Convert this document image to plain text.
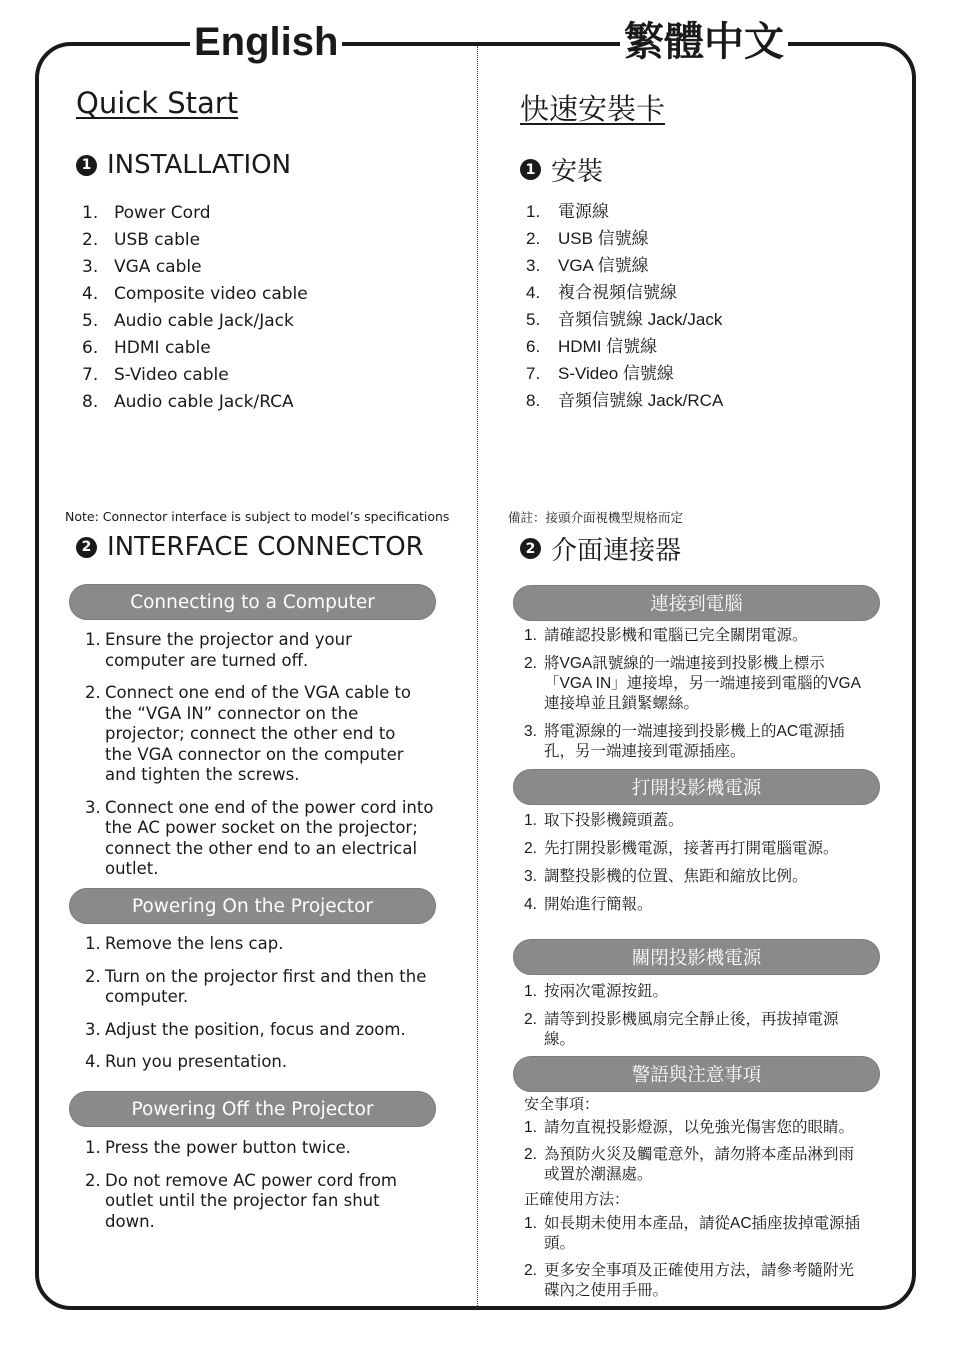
English	繁體中文
Quick Start
1 INSTALLATION
1. Power Cord
2. USB cable
3. VGA cable
4. Composite video cable
5. Audio cable Jack/Jack
6. HDMI cable
7. S-Video cable
8. Audio cable Jack/RCA
Note: Connector interface is subject to model’s specifications
2 INTERFACE CONNECTOR
Connecting to a Computer
1. Ensure the projector and your computer are turned off.
2. Connect one end of the VGA cable to the “VGA IN” connector on the projector; connect the other end to the VGA connector on the computer and tighten the screws.
3. Connect one end of the power cord into the AC power socket on the projector; connect the other end to an electrical outlet.
Powering On the Projector
1. Remove the lens cap.
2. Turn on the projector first and then the computer.
3. Adjust the position, focus and zoom.
4. Run you presentation.
Powering Off the Projector
1. Press the power button twice.
2. Do not remove AC power cord from outlet until the projector fan shut down.
快速安裝卡
1 安裝
1. 電源線
2. USB 信號線
3. VGA 信號線
4. 複合視頻信號線
5. 音頻信號線 Jack/Jack
6. HDMI 信號線
7. S-Video 信號線
8. 音頻信號線 Jack/RCA
備註：接頭介面視機型規格而定
2 介面連接器
連接到電腦
1. 請確認投影機和電腦已完全關閉電源。
2. 將VGA訊號線的一端連接到投影機上標示「VGA IN」連接埠，另一端連接到電腦的VGA連接埠並且鎖緊螺絲。
3. 將電源線的一端連接到投影機上的AC電源插孔，另一端連接到電源插座。
打開投影機電源
1. 取下投影機鏡頭蓋。
2. 先打開投影機電源，接著再打開電腦電源。
3. 調整投影機的位置、焦距和縮放比例。
4. 開始進行簡報。
關閉投影機電源
1. 按兩次電源按鈕。
2. 請等到投影機風扇完全靜止後，再拔掉電源線。
警語與注意事項
安全事項：
1. 請勿直視投影燈源，以免強光傷害您的眼睛。
2. 為預防火災及觸電意外，請勿將本產品淋到雨或置於潮濕處。
正確使用方法：
1. 如長期未使用本產品，請從AC插座拔掉電源插頭。
2. 更多安全事項及正確使用方法，請參考隨附光碟內之使用手冊。
